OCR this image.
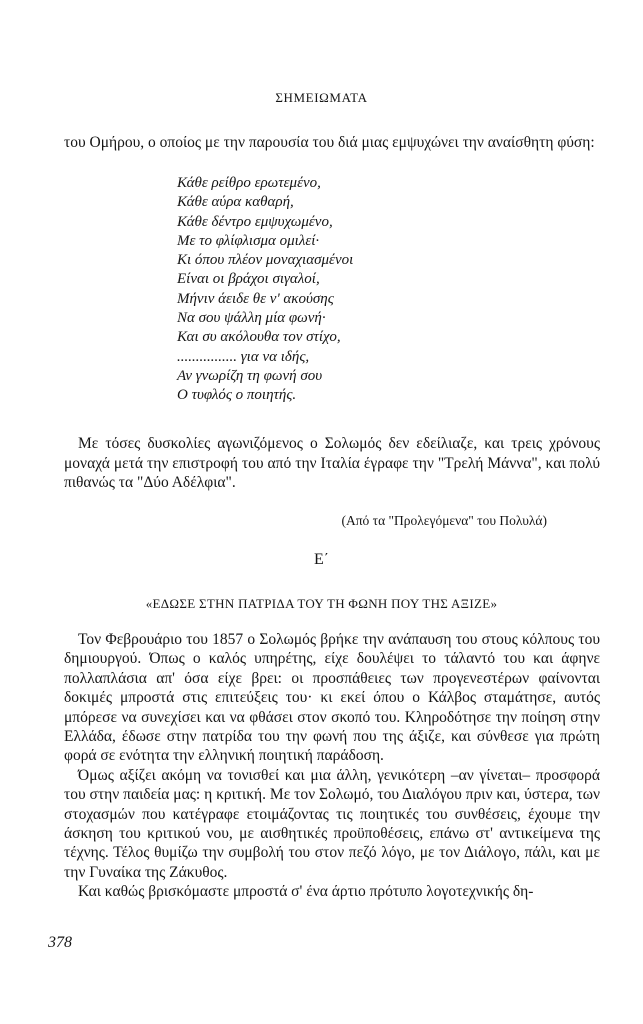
ΣΗΜΕΙΩΜΑΤΑ
του Ομήρου, ο οποίος με την παρουσία του διά μιας εμψυχώνει την αναίσθητη φύση:
Κάθε ρείθρο ερωτεμένο,
Κάθε αύρα καθαρή,
Κάθε δέντρο εμψυχωμένο,
Με το φλίφλισμα ομιλεί·
Κι όπου πλέον μοναχιασμένοι
Είναι οι βράχοι σιγαλοί,
Μήνιν άειδε θε ν' ακούσης
Να σου ψάλλη μία φωνή·
Και συ ακόλουθα τον στίχο,
................ για να ιδής,
Αν γνωρίζη τη φωνή σου
Ο τυφλός ο ποιητής.
Με τόσες δυσκολίες αγωνιζόμενος ο Σολωμός δεν εδείλιαζε, και τρεις χρόνους μοναχά μετά την επιστροφή του από την Ιταλία έγραφε την "Τρελή Μάννα", και πολύ πιθανώς τα "Δύο Αδέλφια".
(Από τα "Προλεγόμενα" του Πολυλά)
Ε΄
«ΕΔΩΣΕ ΣΤΗΝ ΠΑΤΡΙΔΑ ΤΟΥ ΤΗ ΦΩΝΗ ΠΟΥ ΤΗΣ ΑΞΙΖΕ»

Τον Φεβρουάριο του 1857 ο Σολωμός βρήκε την ανάπαυση του στους κόλπους του δημιουργού. Όπως ο καλός υπηρέτης, είχε δουλέψει το τάλαντό του και άφηνε πολλαπλάσια απ' όσα είχε βρει: οι προσπάθειες των προγενεστέρων φαίνονται δοκιμές μπροστά στις επιτεύξεις του· κι εκεί όπου ο Κάλβος σταμάτησε, αυτός μπόρεσε να συνεχίσει και να φθάσει στον σκοπό του. Κληροδότησε την ποίηση στην Ελλάδα, έδωσε στην πατρίδα του την φωνή που της άξιζε, και σύνθεσε για πρώτη φορά σε ενότητα την ελληνική ποιητική παράδοση.

Όμως αξίζει ακόμη να τονισθεί και μια άλλη, γενικότερη –αν γίνεται– προσφορά του στην παιδεία μας: η κριτική. Με τον Σολωμό, του Διαλόγου πριν και, ύστερα, των στοχασμών που κατέγραφε ετοιμάζοντας τις ποιητικές του συνθέσεις, έχουμε την άσκηση του κριτικού νου, με αισθητικές προϋποθέσεις, επάνω στ' αντικείμενα της τέχνης. Τέλος θυμίζω την συμβολή του στον πεζό λόγο, με τον Διάλογο, πάλι, και με την Γυναίκα της Ζάκυθος.

Και καθώς βρισκόμαστε μπροστά σ' ένα άρτιο πρότυπο λογοτεχνικής δη-

378
